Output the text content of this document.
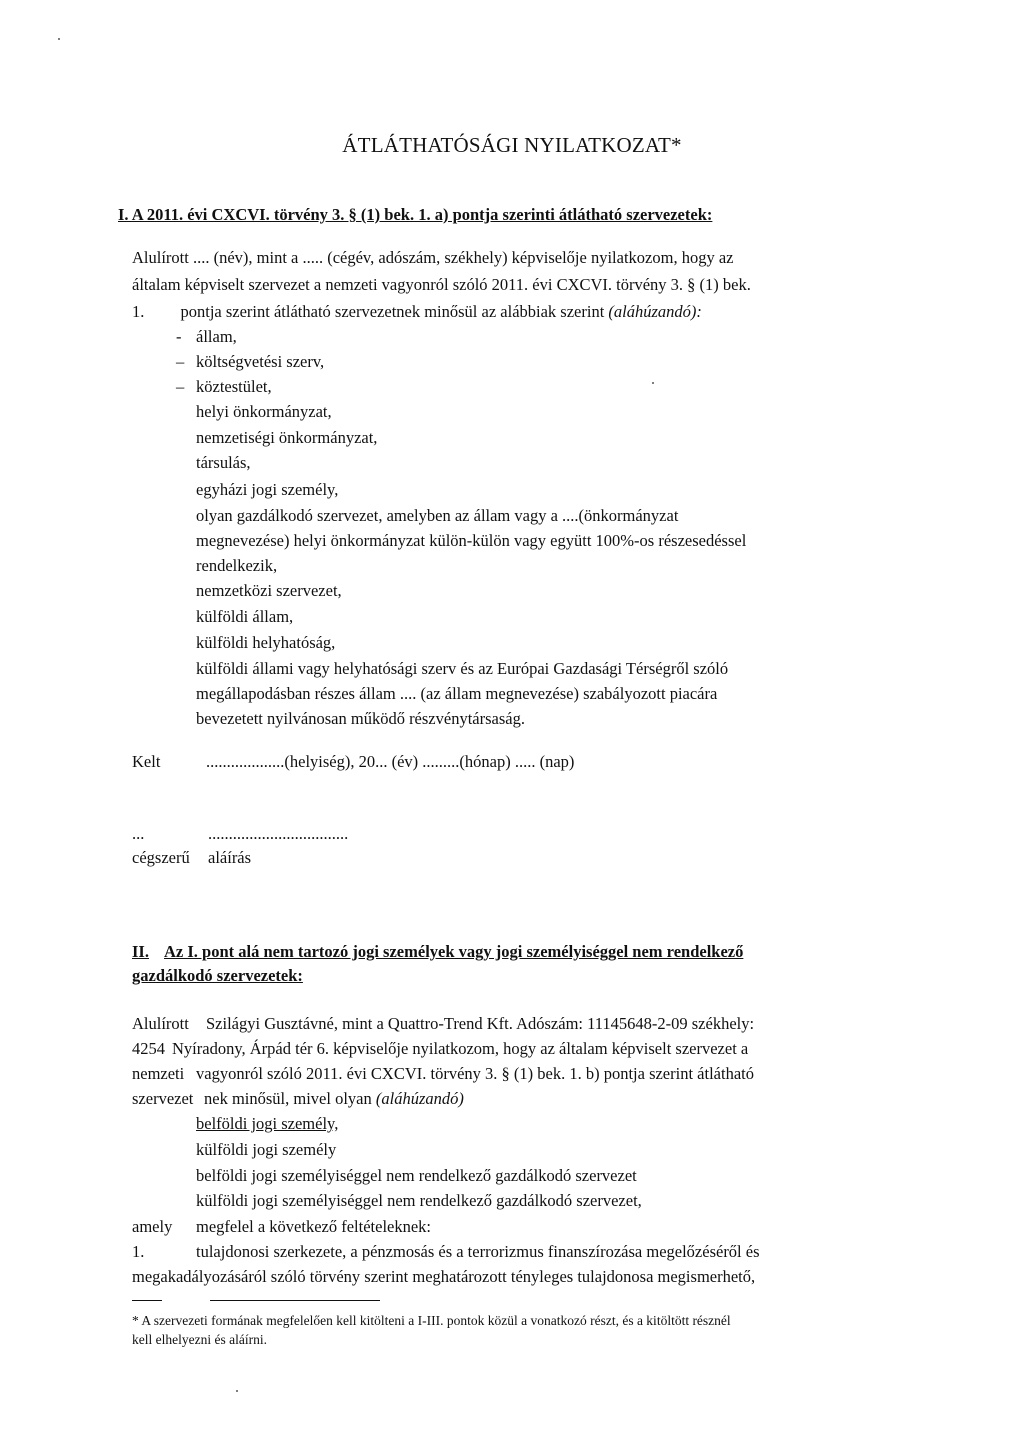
ÁTLÁTHATÓSÁGI NYILATKOZAT*
I. A 2011. évi CXCVI. törvény 3. § (1) bek. 1. a) pontja szerinti átlátható szervezetek:
Alulírott .... (név), mint a ..... (cégév, adószám, székhely) képviselője nyilatkozom, hogy az
általam képviselt szervezet a nemzeti vagyonról szóló 2011. évi CXCVI. törvény 3. § (1) bek.
1. pontja szerint átlátható szervezetnek minősül az alábbiak szerint (aláhúzandó):
-
–
–
állam,
költségvetési szerv,
köztestület,
helyi önkormányzat,
nemzetiségi önkormányzat,
társulás,
egyházi jogi személy,
olyan gazdálkodó szervezet, amelyben az állam vagy a ....(önkormányzat
megnevezése) helyi önkormányzat külön-külön vagy együtt 100%-os részesedéssel
rendelkezik,
nemzetközi szervezet,
külföldi állam,
külföldi helyhatóság,
külföldi állami vagy helyhatósági szerv és az Európai Gazdasági Térségről szóló
megállapodásban részes állam .... (az állam megnevezése) szabályozott piacára
bevezetett nyilvánosan működő részvénytársaság.
Kelt	...................(helyiség), 20... (év) .........(hónap) ..... (nap)
...	..................................
cégszerű aláírás
II. Az I. pont alá nem tartozó jogi személyek vagy jogi személyiséggel nem rendelkező
gazdálkodó szervezetek:
Alulírott Szilágyi Gusztávné, mint a Quattro-Trend Kft. Adószám: 11145648-2-09 székhely:
4254 Nyíradony, Árpád tér 6. képviselője nyilatkozom, hogy az általam képviselt szervezet a
nemzeti vagyonról szóló 2011. évi CXCVI. törvény 3. § (1) bek. 1. b) pontja szerint átlátható
szervezet nek minősül, mivel olyan (aláhúzandó)
belföldi jogi személy,
külföldi jogi személy
belföldi jogi személyiséggel nem rendelkező gazdálkodó szervezet
külföldi jogi személyiséggel nem rendelkező gazdálkodó szervezet,
amely megfelel a következő feltételeknek:
1.	tulajdonosi szerkezete, a pénzmosás és a terrorizmus finanszírozása megelőzéséről és
megakadályozásáról szóló törvény szerint meghatározott tényleges tulajdonosa megismerhető,
* A szervezeti formának megfelelően kell kitölteni a I-III. pontok közül a vonatkozó részt, és a kitöltött résznél
kell elhelyezni és aláírni.
